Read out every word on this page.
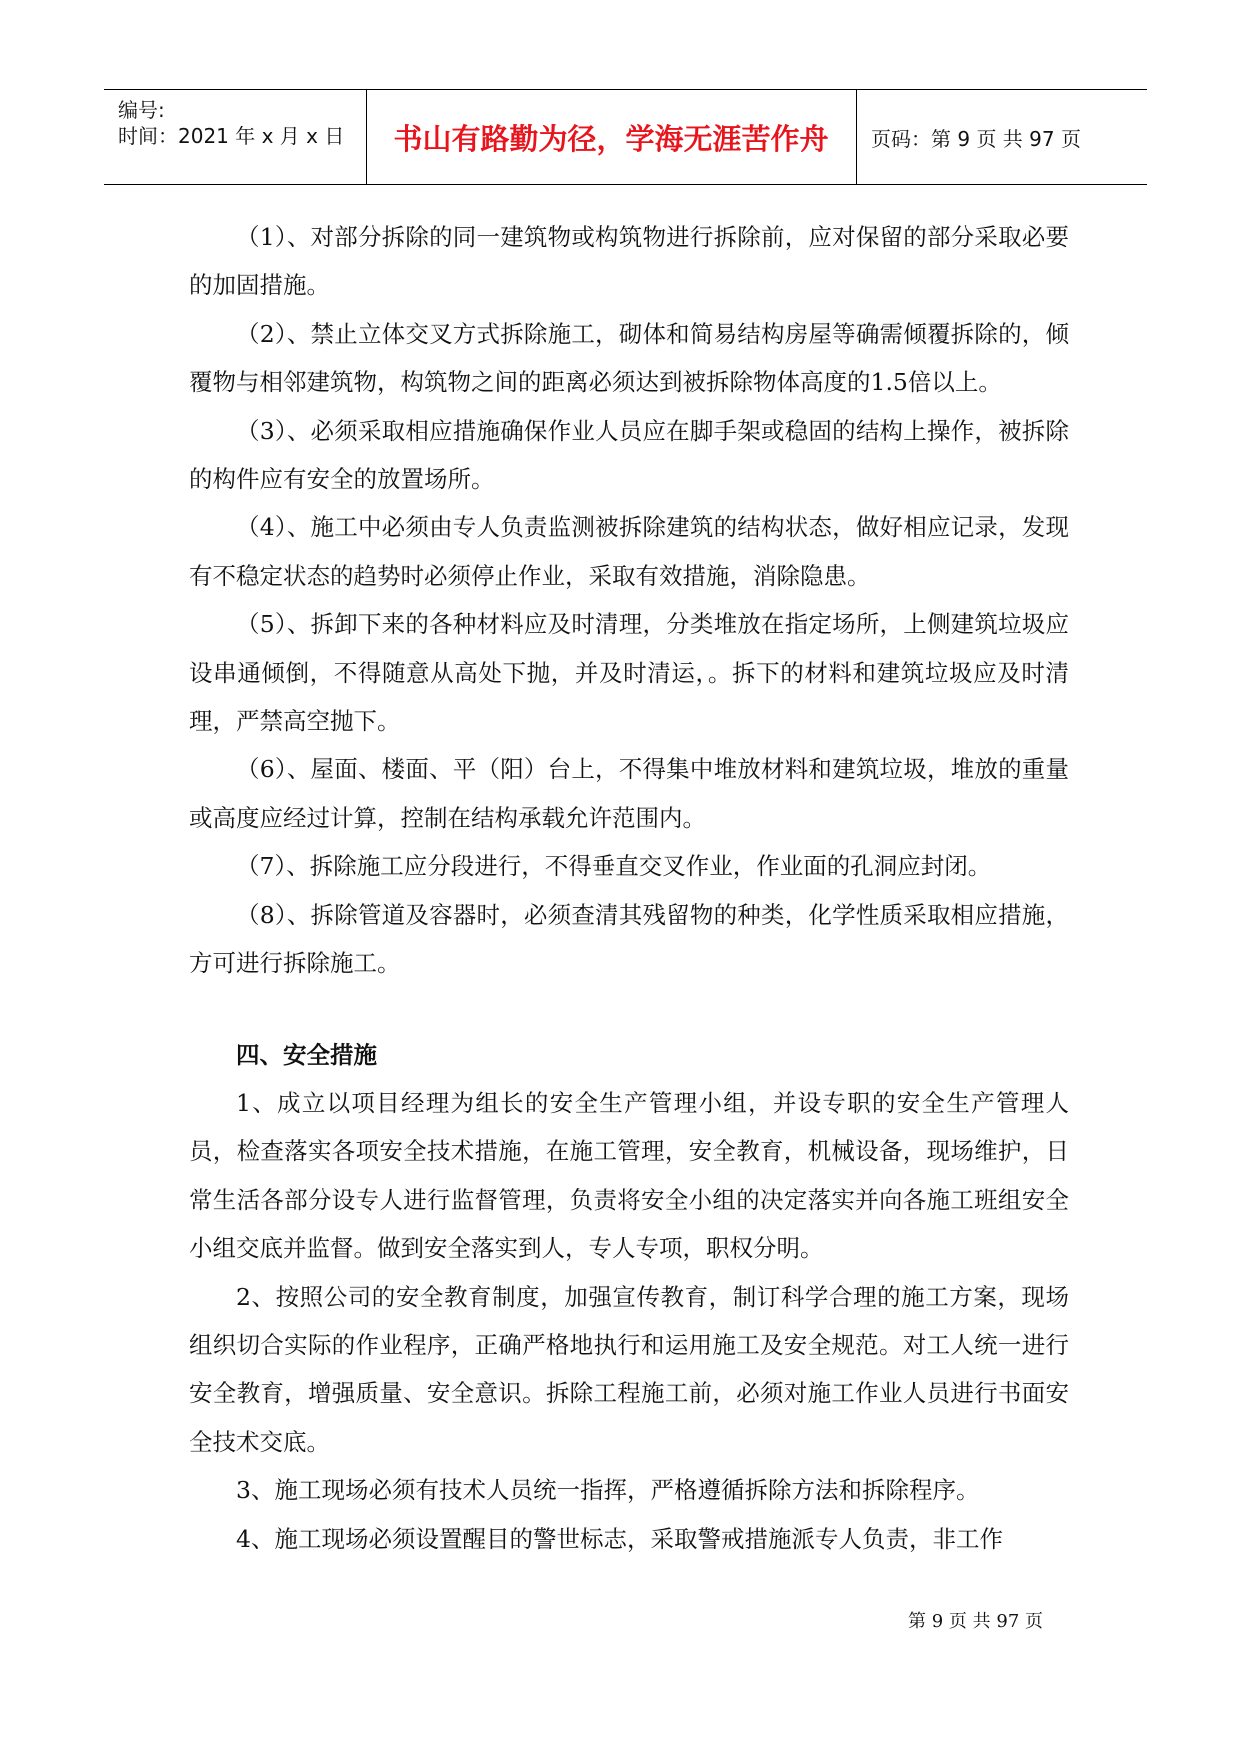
编号:
时间：2021 年 x 月 x 日	书山有路勤为径，学海无涯苦作舟	页码：第 9 页 共 97 页

（1）、对部分拆除的同一建筑物或构筑物进行拆除前，应对保留的部分采取必要的加固措施。

（2）、禁止立体交叉方式拆除施工，砌体和简易结构房屋等确需倾覆拆除的，倾覆物与相邻建筑物，构筑物之间的距离必须达到被拆除物体高度的1.5倍以上。

（3）、必须采取相应措施确保作业人员应在脚手架或稳固的结构上操作，被拆除的构件应有安全的放置场所。

（4）、施工中必须由专人负责监测被拆除建筑的结构状态，做好相应记录，发现有不稳定状态的趋势时必须停止作业，采取有效措施，消除隐患。

（5）、拆卸下来的各种材料应及时清理，分类堆放在指定场所，上侧建筑垃圾应设串通倾倒，不得随意从高处下抛，并及时清运，。拆下的材料和建筑垃圾应及时清理，严禁高空抛下。

（6）、屋面、楼面、平（阳）台上，不得集中堆放材料和建筑垃圾，堆放的重量或高度应经过计算，控制在结构承载允许范围内。

（7）、拆除施工应分段进行，不得垂直交叉作业，作业面的孔洞应封闭。

（8）、拆除管道及容器时，必须查清其残留物的种类，化学性质采取相应措施，方可进行拆除施工。

四、安全措施

1、成立以项目经理为组长的安全生产管理小组，并设专职的安全生产管理人员，检查落实各项安全技术措施，在施工管理，安全教育，机械设备，现场维护，日常生活各部分设专人进行监督管理，负责将安全小组的决定落实并向各施工班组安全小组交底并监督。做到安全落实到人，专人专项，职权分明。

2、按照公司的安全教育制度，加强宣传教育，制订科学合理的施工方案，现场组织切合实际的作业程序，正确严格地执行和运用施工及安全规范。对工人统一进行安全教育，增强质量、安全意识。拆除工程施工前，必须对施工作业人员进行书面安全技术交底。

3、施工现场必须有技术人员统一指挥，严格遵循拆除方法和拆除程序。

4、施工现场必须设置醒目的警世标志，采取警戒措施派专人负责，非工作

第 9 页 共 97 页
